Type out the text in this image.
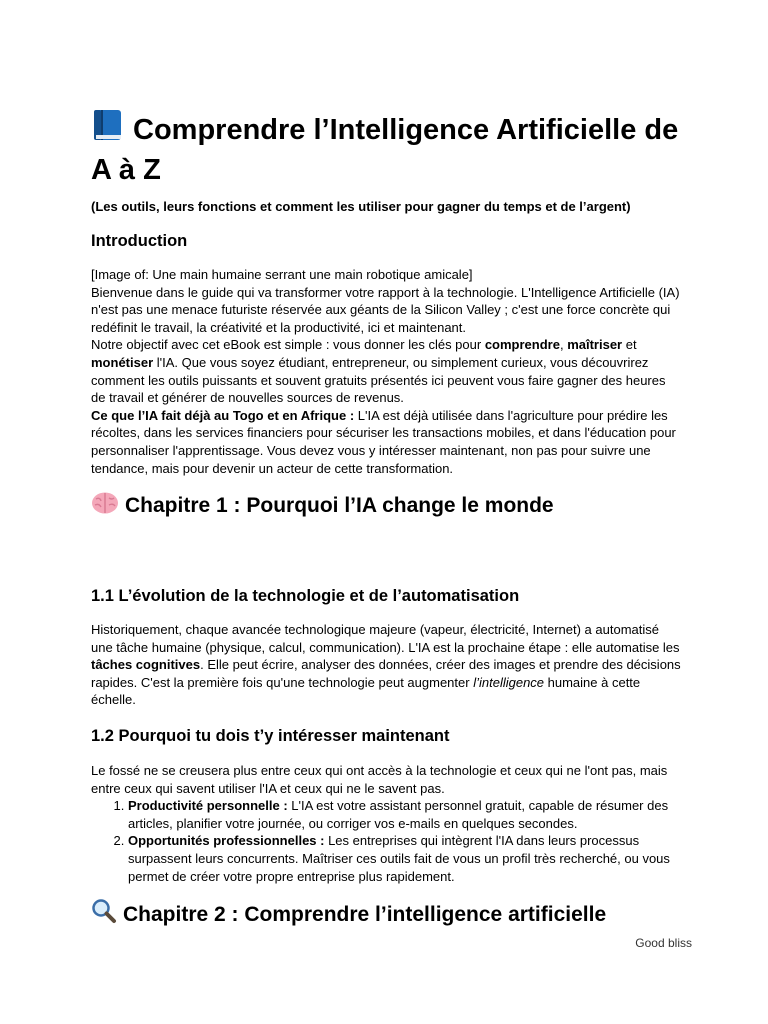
Comprendre l’Intelligence Artificielle de A à Z

(Les outils, leurs fonctions et comment les utiliser pour gagner du temps et de l’argent)

Introduction

[Image of: Une main humaine serrant une main robotique amicale]

Bienvenue dans le guide qui va transformer votre rapport à la technologie. L'Intelligence Artificielle (IA) n'est pas une menace futuriste réservée aux géants de la Silicon Valley ; c'est une force concrète qui redéfinit le travail, la créativité et la productivité, ici et maintenant.

Notre objectif avec cet eBook est simple : vous donner les clés pour comprendre, maîtriser et monétiser l'IA. Que vous soyez étudiant, entrepreneur, ou simplement curieux, vous découvrirez comment les outils puissants et souvent gratuits présentés ici peuvent vous faire gagner des heures de travail et générer de nouvelles sources de revenus.

Ce que l’IA fait déjà au Togo et en Afrique : L'IA est déjà utilisée dans l'agriculture pour prédire les récoltes, dans les services financiers pour sécuriser les transactions mobiles, et dans l'éducation pour personnaliser l'apprentissage. Vous devez vous y intéresser maintenant, non pas pour suivre une tendance, mais pour devenir un acteur de cette transformation.

Chapitre 1 : Pourquoi l’IA change le monde
1.1 L’évolution de la technologie et de l’automatisation

Historiquement, chaque avancée technologique majeure (vapeur, électricité, Internet) a automatisé une tâche humaine (physique, calcul, communication). L'IA est la prochaine étape : elle automatise les tâches cognitives. Elle peut écrire, analyser des données, créer des images et prendre des décisions rapides. C'est la première fois qu'une technologie peut augmenter l’intelligence humaine à cette échelle.

1.2 Pourquoi tu dois t’y intéresser maintenant

Le fossé ne se creusera plus entre ceux qui ont accès à la technologie et ceux qui ne l'ont pas, mais entre ceux qui savent utiliser l'IA et ceux qui ne le savent pas.

1. Productivité personnelle : L'IA est votre assistant personnel gratuit, capable de résumer des articles, planifier votre journée, ou corriger vos e-mails en quelques secondes.
2. Opportunités professionnelles : Les entreprises qui intègrent l'IA dans leurs processus surpassent leurs concurrents. Maîtriser ces outils fait de vous un profil très recherché, ou vous permet de créer votre propre entreprise plus rapidement.
Chapitre 2 : Comprendre l’intelligence artificielle
Good bliss
